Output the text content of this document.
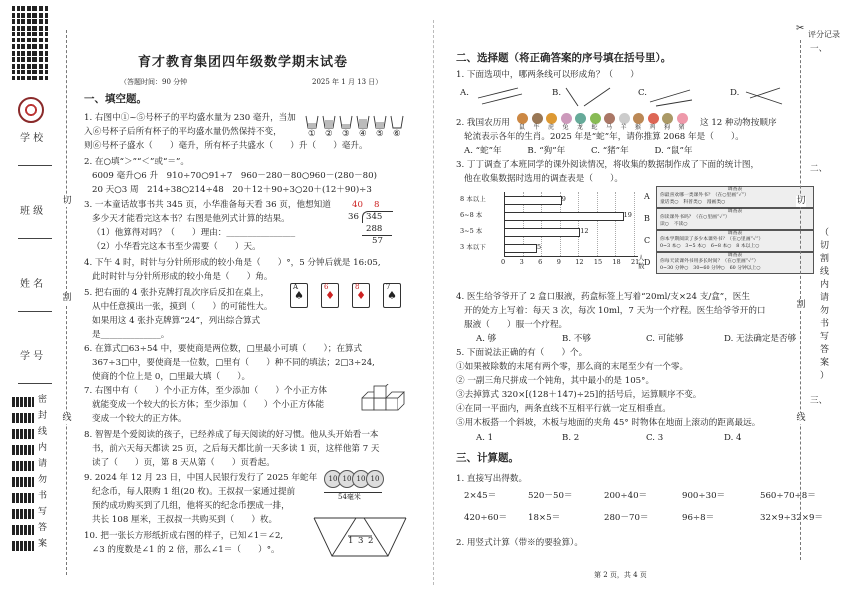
学 校
班 级
姓 名
学 号
密
封
线
内
请
勿
书
写
答
案
切
割
线
育才教育集团四年级数学期末试卷
（答题时间：90 分钟	2025 年 1 月 13 日）
一、填空题。
1. 右图中①~⑤号杯子的平均盛水量为 230 毫升，当加
入⑥号杯子后所有杯子的平均盛水量仍然保持不变，
则⑥号杯子盛水（　　）毫升，所有杯子共盛水（　　）升（　　）毫升。
① ② ③ ④ ⑤ ⑥
2. 在○填“＞”“＜”或“＝”。
6009 毫升○6 升　910÷70○91÷7　960－280－80○960－(280－80)
20 天○3 周　214÷38○214÷48　20＋12＋90÷3○20＋(12＋90)÷3
3. 一本童话故事书共 345 页，小华准备每天看 36 页，他想知道
多少天才能看完这本书？右图是他列式计算的结果。
（1）他算得对吗？（　　）理由：________________
（2）小华看完这本书至少需要（　　）天。
40 8
36 345
288
57
4. 下午 4 时，时针与分针所形成的较小角是（　　）°，5 分钟后就是 16:05,
此时时针与分针所形成的较小角是（　　）角。
5. 把右面的 4 张扑克牌打乱次序后反扣在桌上，
从中任意摸出一张，摸到（　　）的可能性大。
如果用这 4 张扑克牌算“24”，列出综合算式
是______________。
A
♠
6
♦
8
♦
7
♠
6. 在算式□63÷54 中，要使商是两位数，□里最小可填（　　）；在算式
367÷3□中，要使商是一位数，□里有（　　）种不同的填法；2□3÷24,
使商的个位上是 0，□里最大填（　　）。
7. 右图中有（　　）个小正方体，至少添加（　　）个小正方体
就能变成一个较大的长方体；至少添加（　　）个小正方体能
变成一个较大的正方体。
8. 智智是个爱阅读的孩子，已经养成了每天阅读的好习惯。他从头开始看一本
书，前六天每天都读 25 页，之后每天都比前一天多读 1 页，这样他第 7 天
读了（　　）页，第 8 天从第（　　）页看起。
9. 2024 年 12 月 23 日，中国人民银行发行了 2025 年蛇年
纪念币，每人限购 1 组(20 枚)。王叔叔一家通过提前
预约成功购买到了几组，他将买的纪念币摆成一排，
共长 108 厘米，王叔叔一共购买到（　　）枚。
10 10 10 10
54毫米
10. 把一张长方形纸折成右图的样子，已知∠1＝∠2,
∠3 的度数是∠1 的 2 倍，那么∠1＝（　　）°。
1 3 2
二、选择题（将正确答案的序号填在括号里）。
1. 下面选项中，哪两条线可以形成角？（　　）
A.	B.	C.	D.
2. 我国农历用 鼠 牛 虎 兔 龙 蛇 马 羊 猴 鸡 狗 猪 这 12 种动物按顺序
轮流表示各年的生肖。2025 年是“蛇”年，请你推算 2068 年是（　　）。
A. “蛇”年　　　B. “狗”年　　　C. “猪”年　　　D. “鼠”年
3. 丁丁调查了本班同学的课外阅读情况，将收集的数据制作成了下面的统计图，
他在收集数据时选用的调查表是（　　）。
0 3 6 9 12 15 18 21
人数
8 本以上	9
6~8 本	19
3~5 本	12
3 本以下	5
A
调查表
你最喜欢哪一类课外书？（在○里画“✓”）
童话类○　科普类○　漫画类○
B
调查表
你读课外书吗？（在○里画“✓”）
读○　不读○
C
调查表
你本学期阅读了多少本课外书？（在○里画“✓”）
0~3 本○　3~5 本○　6~8 本○　8 本以上○
D
调查表
你每天读课外书用多长时间？（在○里画“✓”）
0~30 分钟○　30~60 分钟○　60 分钟以上○
4. 医生给爷爷开了 2 盒口服液，药盒标签上写着“20ml/支×24 支/盒”，医生
开的处方上写着：每天 3 次，每次 10ml，7 天为一个疗程。医生给爷爷开的口
服液（　　）服一个疗程。
A. 够	B. 不够	C. 可能够	D. 无法确定是否够
5. 下面说法正确的有（　　）个。
①如果被除数的末尾有两个零，那么商的末尾至少有一个零。
② 一副三角尺拼成一个钝角，其中最小的是 105°。
③去掉算式 320×[(128＋147)÷25]的括号后，运算顺序不变。
④在同一平面内，两条直线不互相平行就一定互相垂直。
⑤用木板搭一个斜坡，木板与地面的夹角 45° 时物体在地面上滚动的距离最远。
A. 1	B. 2	C. 3	D. 4
三、计算题。
1. 直接写出得数。
2×45＝	520－50＝	200÷40＝	900÷30＝	560÷70÷8＝
420÷60＝ 18×5＝	280－70＝	96÷8＝	32×9÷32×9＝
2. 用竖式计算（带※的要验算）。
第 2 页，共 4 页
✂
评分记录
一、
二、
三、
切
割
线
（
切
割
线
内
请
勿
书
写
答
案
）
